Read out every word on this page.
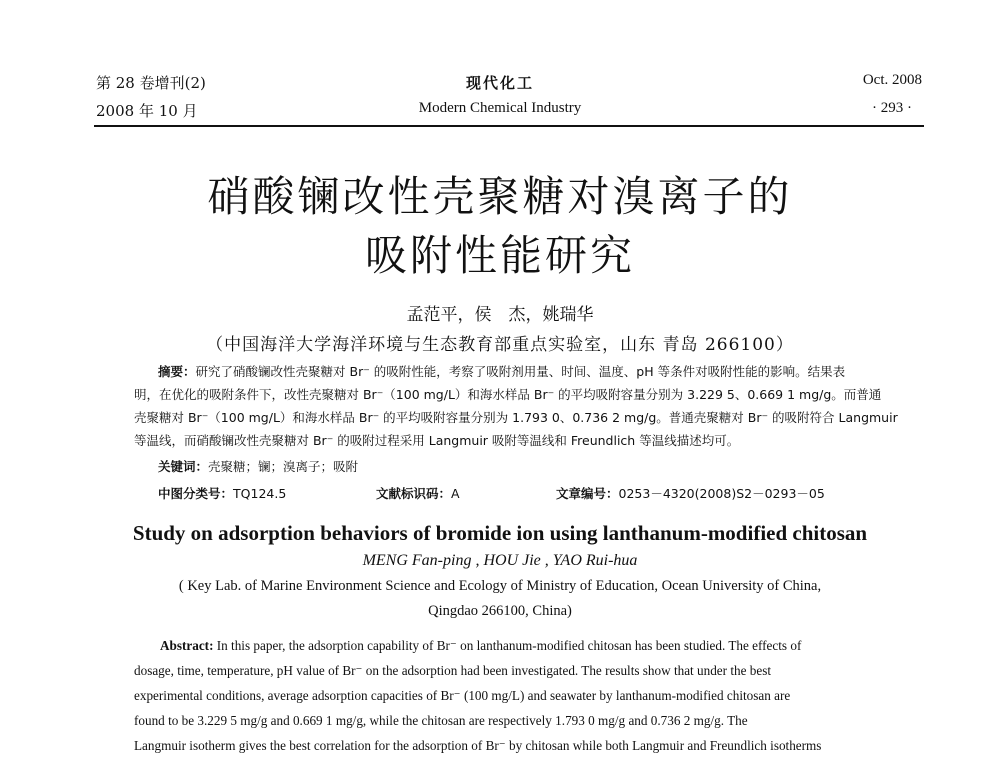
第 28 卷增刊(2)
2008 年 10 月
现代化工
Modern Chemical Industry
Oct. 2008
· 293 ·
硝酸镧改性壳聚糖对溴离子的
吸附性能研究
孟范平，侯　杰，姚瑞华
（中国海洋大学海洋环境与生态教育部重点实验室，山东 青岛 266100）
摘要：研究了硝酸镧改性壳聚糖对 Br⁻ 的吸附性能，考察了吸附剂用量、时间、温度、pH 等条件对吸附性能的影响。结果表
明，在优化的吸附条件下，改性壳聚糖对 Br⁻（100 mg/L）和海水样品 Br⁻ 的平均吸附容量分别为 3.229 5、0.669 1 mg/g。而普通
壳聚糖对 Br⁻（100 mg/L）和海水样品 Br⁻ 的平均吸附容量分别为 1.793 0、0.736 2 mg/g。普通壳聚糖对 Br⁻ 的吸附符合 Langmuir
等温线，而硝酸镧改性壳聚糖对 Br⁻ 的吸附过程采用 Langmuir 吸附等温线和 Freundlich 等温线描述均可。
关键词：壳聚糖；镧；溴离子；吸附
中图分类号：TQ124.5	文献标识码：A	文章编号：0253－4320(2008)S2－0293－05
Study on adsorption behaviors of bromide ion using lanthanum-modified chitosan
MENG Fan-ping , HOU Jie , YAO Rui-hua
( Key Lab. of Marine Environment Science and Ecology of Ministry of Education, Ocean University of China,
Qingdao 266100, China)
Abstract: In this paper, the adsorption capability of Br⁻ on lanthanum-modified chitosan has been studied. The effects of
dosage, time, temperature, pH value of Br⁻ on the adsorption had been investigated. The results show that under the best
experimental conditions, average adsorption capacities of Br⁻ (100 mg/L) and seawater by lanthanum-modified chitosan are
found to be 3.229 5 mg/g and 0.669 1 mg/g, while the chitosan are respectively 1.793 0 mg/g and 0.736 2 mg/g. The
Langmuir isotherm gives the best correlation for the adsorption of Br⁻ by chitosan while both Langmuir and Freundlich isotherms
